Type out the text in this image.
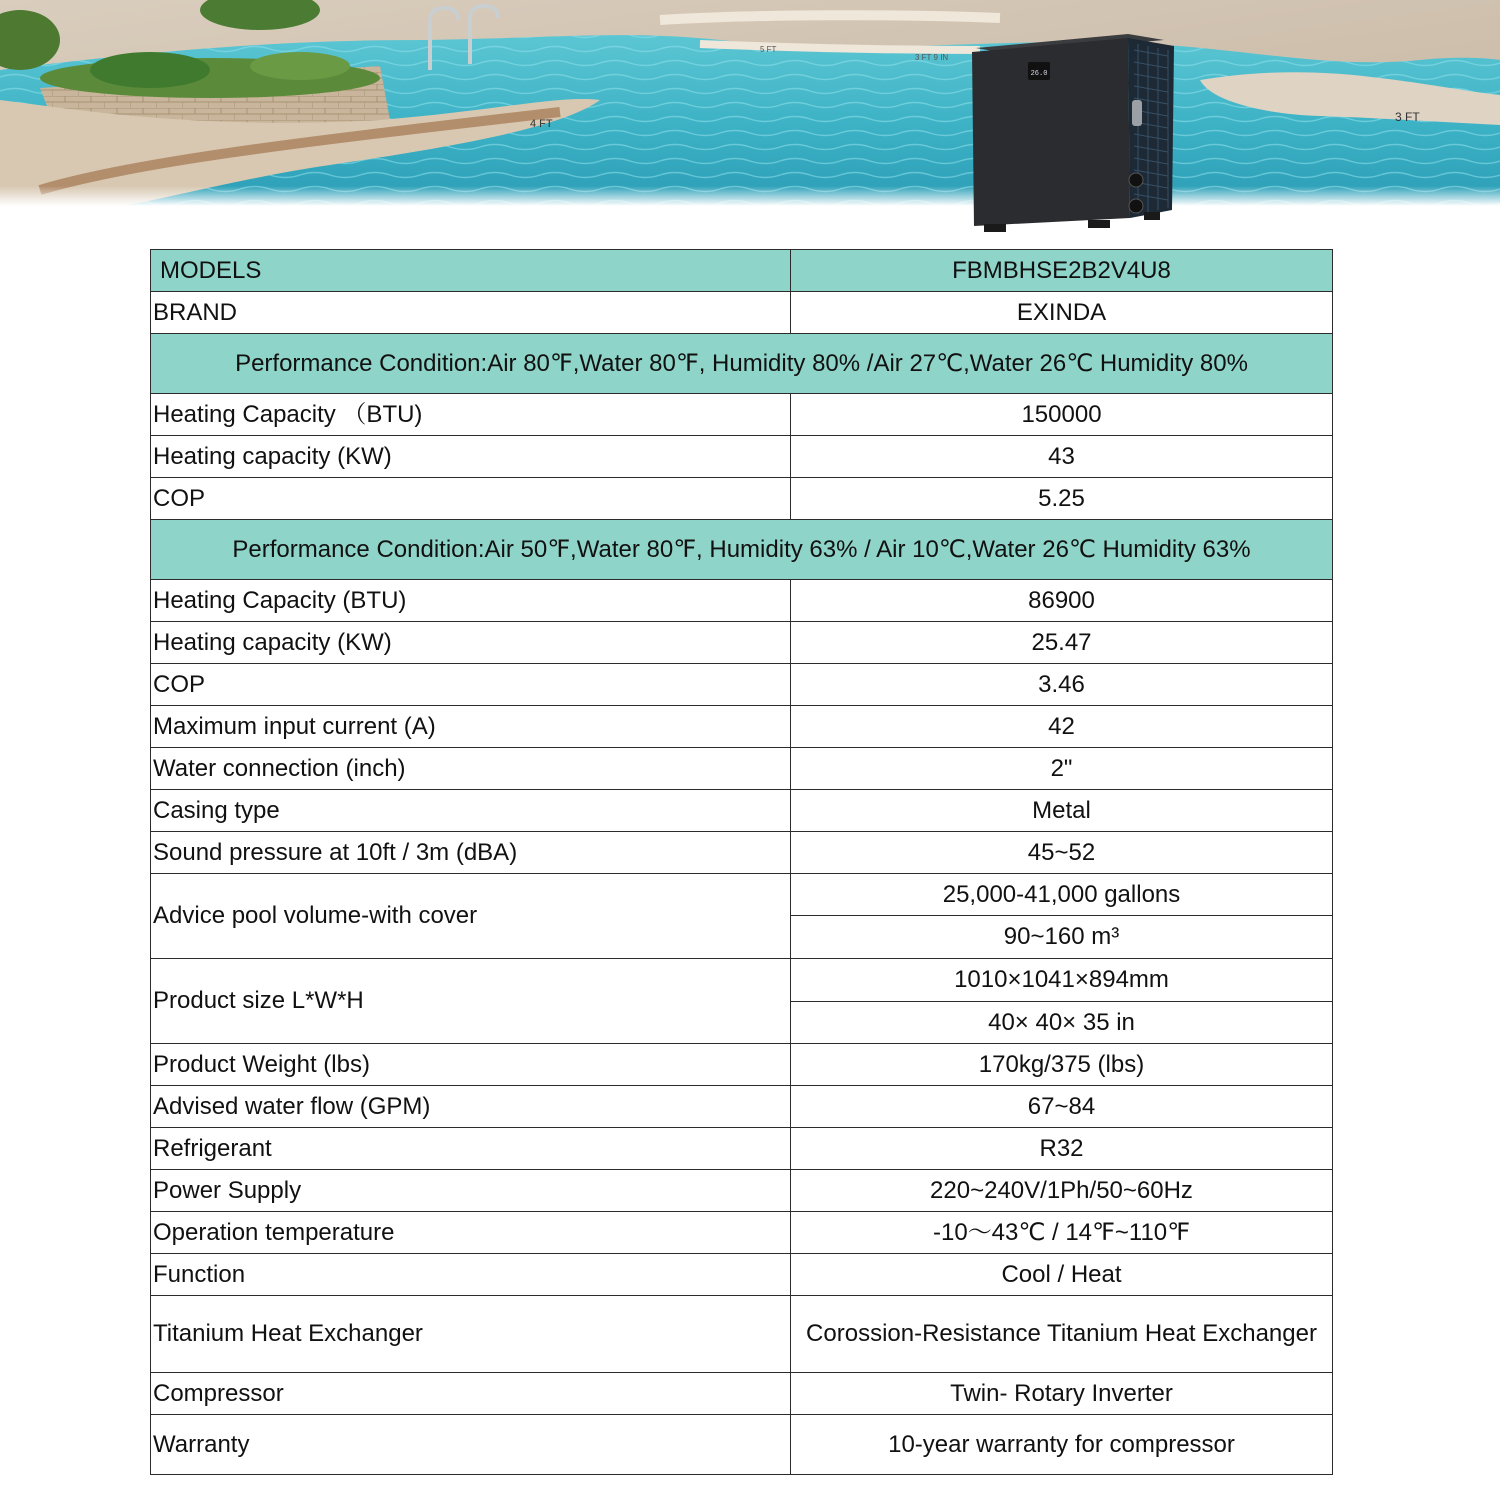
4 FT	3 FT
5 FT
3 FT 9 IN
26.0
MODELS	FBMBHSE2B2V4U8
BRAND	EXINDA
Performance Condition:Air 80℉,Water 80℉, Humidity 80% /Air 27℃,Water 26℃ Humidity 80%	
Heating Capacity （BTU)	150000
Heating capacity (KW)	43
COP	5.25
Performance Condition:Air 50℉,Water 80℉, Humidity 63% / Air 10℃,Water 26℃ Humidity 63%	
Heating Capacity (BTU)	86900
Heating capacity (KW)	25.47
COP	3.46
Maximum input current (A)	42
Water connection (inch)	2"
Casing type	Metal
Sound pressure at 10ft / 3m (dBA)	45~52
Advice pool volume-with cover	25,000-41,000 gallons
	90~160 m³
Product size L*W*H	1010×1041×894mm
	40× 40× 35 in
Product Weight (lbs)	170kg/375 (lbs)
Advised water flow (GPM)	67~84
Refrigerant	R32
Power Supply	220~240V/1Ph/50~60Hz
Operation temperature	-10～43℃ / 14℉~110℉
Function	Cool / Heat
Titanium Heat Exchanger	Corossion-Resistance Titanium Heat Exchanger

Compressor	Twin- Rotary Inverter
Warranty	10-year warranty for compressor
